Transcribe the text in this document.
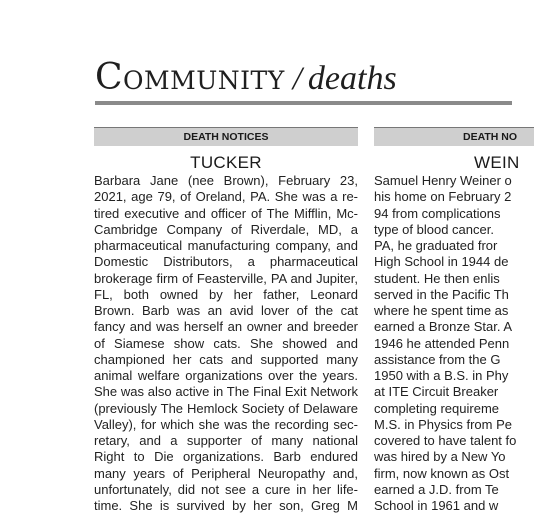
Community / deaths
DEATH NOTICES
TUCKER
Barbara Jane (nee Brown), February 23,
2021, age 79, of Oreland, PA. She was a re-
tired executive and officer of The Mifflin, Mc-
Cambridge Company of Riverdale, MD, a
pharmaceutical manufacturing company, and
Domestic Distributors, a pharmaceutical
brokerage firm of Feasterville, PA and Jupiter,
FL, both owned by her father, Leonard
Brown. Barb was an avid lover of the cat
fancy and was herself an owner and breeder
of Siamese show cats. She showed and
championed her cats and supported many
animal welfare organizations over the years.
She was also active in The Final Exit Network
(previously The Hemlock Society of Delaware
Valley), for which she was the recording sec-
retary, and a supporter of many national
Right to Die organizations. Barb endured
many years of Peripheral Neuropathy and,
unfortunately, did not see a cure in her life-
time. She is survived by her son, Greg M
DEATH NO
WEIN
Samuel Henry Weiner o
his home on February 2
94 from complications
type of blood cancer.
PA, he graduated fror
High School in 1944 de
student. He then enlis
served in the Pacific Th
where he spent time as
earned a Bronze Star. A
1946 he attended Penn
assistance from the G
1950 with a B.S. in Phy
at ITE Circuit Breaker
completing requireme
M.S. in Physics from Pe
covered to have talent fo
was hired by a New Yo
firm, now known as Ost
earned a J.D. from Te
School in 1961 and w
